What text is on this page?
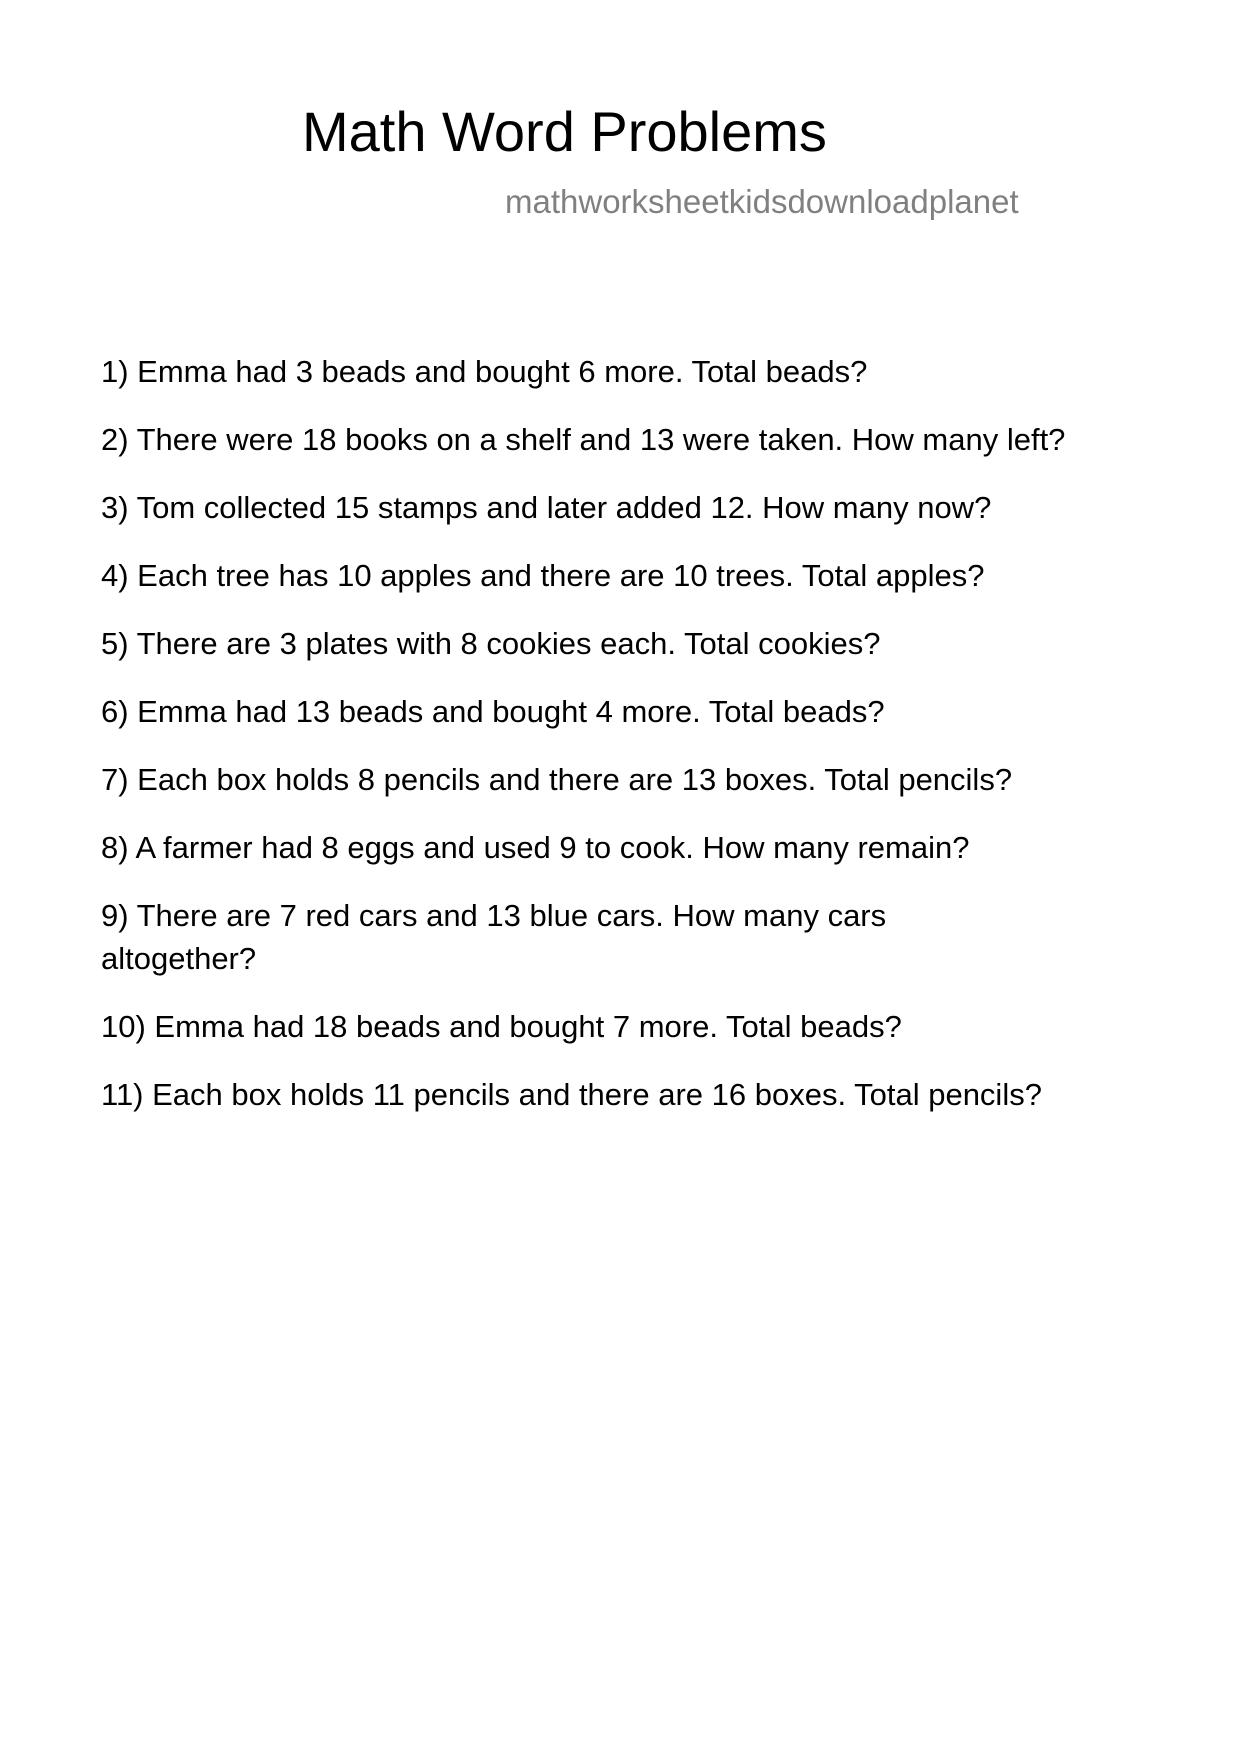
Math Word Problems
mathworksheetkidsdownloadplanet

1) Emma had 3 beads and bought 6 more. Total beads?

2) There were 18 books on a shelf and 13 were taken. How many left?

3) Tom collected 15 stamps and later added 12. How many now?

4) Each tree has 10 apples and there are 10 trees. Total apples?

5) There are 3 plates with 8 cookies each. Total cookies?

6) Emma had 13 beads and bought 4 more. Total beads?

7) Each box holds 8 pencils and there are 13 boxes. Total pencils?

8) A farmer had 8 eggs and used 9 to cook. How many remain?

9) There are 7 red cars and 13 blue cars. How many cars altogether?

10) Emma had 18 beads and bought 7 more. Total beads?

11) Each box holds 11 pencils and there are 16 boxes. Total pencils?
